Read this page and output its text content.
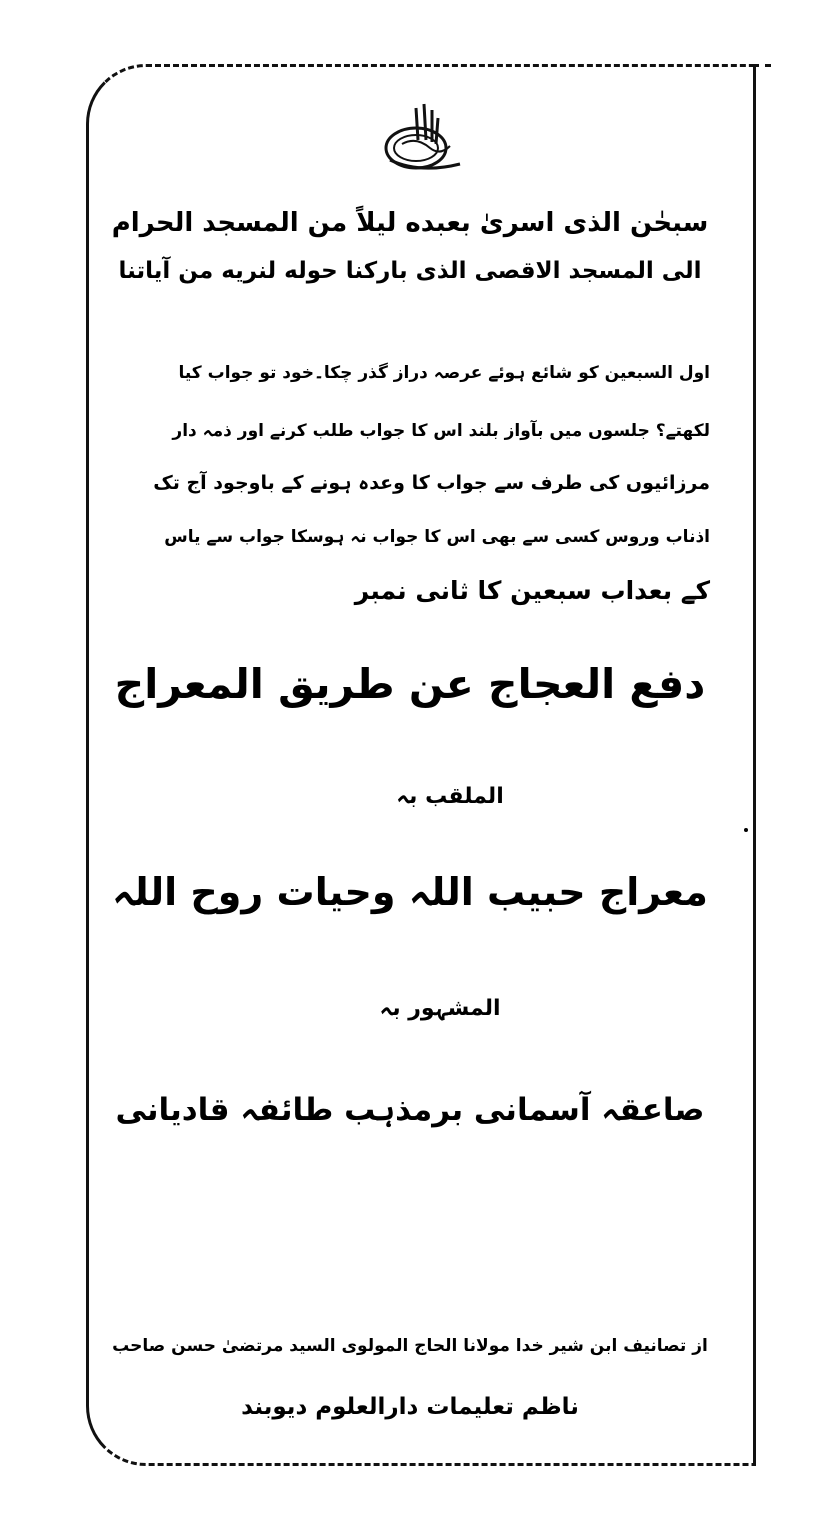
سبحٰن الذی اسریٰ بعبده لیلاً من المسجد الحرام

الی المسجد الاقصی الذی بارکنا حوله لنریه من آیاتنا

اول السبعین کو شائع ہوئے عرصہ دراز گذر چکا۔خود تو جواب کیا

لکھتے؟ جلسوں میں بآواز بلند اس کا جواب طلب کرنے اور ذمہ دار

مرزائیوں کی طرف سے جواب کا وعدہ ہونے کے باوجود آج تک

اذناب وروس کسی سے بھی اس کا جواب نہ ہوسکا جواب سے یاس

کے بعداب سبعین کا ثانی نمبر

دفع العجاج عن طریق المعراج

الملقب بہ

معراج حبیب اللہ وحیات روح اللہ

المشہور بہ

صاعقہ آسمانی برمذہب طائفہ قادیانی

از تصانیف ابن شیر خدا مولانا الحاج المولوی السید مرتضیٰ حسن صاحب

ناظم تعلیمات دارالعلوم دیوبند
